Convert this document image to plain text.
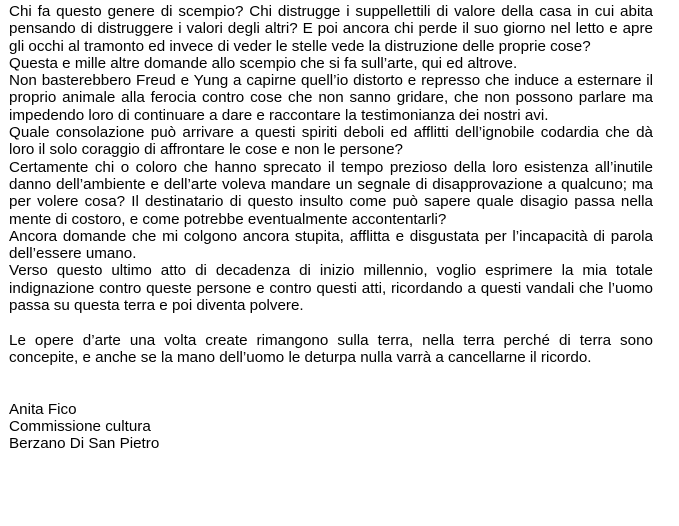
Chi fa questo genere di scempio? Chi distrugge i suppellettili di valore della casa in cui abita pensando di distruggere i valori degli altri? E poi ancora chi perde il suo giorno nel letto e apre gli occhi al tramonto ed invece di veder le stelle vede la distruzione delle proprie cose?

Questa e mille altre domande allo scempio che si fa sull’arte, qui ed altrove.

Non basterebbero Freud e Yung a capirne quell’io distorto e represso che induce a esternare il proprio animale alla ferocia contro cose che non sanno gridare, che non possono parlare ma impedendo loro di continuare a dare e raccontare la testimonianza dei nostri avi.

Quale consolazione può arrivare a questi spiriti deboli ed afflitti dell’ignobile codardia che dà loro il solo coraggio di affrontare le cose e non le persone?

Certamente chi o coloro che hanno sprecato il tempo prezioso della loro esistenza all’inutile danno dell’ambiente e dell’arte voleva mandare un segnale di disapprovazione a qualcuno; ma per volere cosa? Il destinatario di questo insulto come può sapere quale disagio passa nella mente di costoro, e come potrebbe eventualmente accontentarli?

Ancora domande che mi colgono ancora stupita, afflitta e disgustata per l’incapacità di parola dell’essere umano.

Verso questo ultimo atto di decadenza di inizio millennio, voglio esprimere la mia totale indignazione contro queste persone e contro questi atti, ricordando a questi vandali che l’uomo passa su questa terra e poi diventa polvere.

Le opere d’arte una volta create rimangono sulla terra, nella terra perché di terra sono concepite, e anche se la mano dell’uomo le deturpa nulla varrà a cancellarne il ricordo.

Anita Fico

Commissione cultura

Berzano Di San Pietro
